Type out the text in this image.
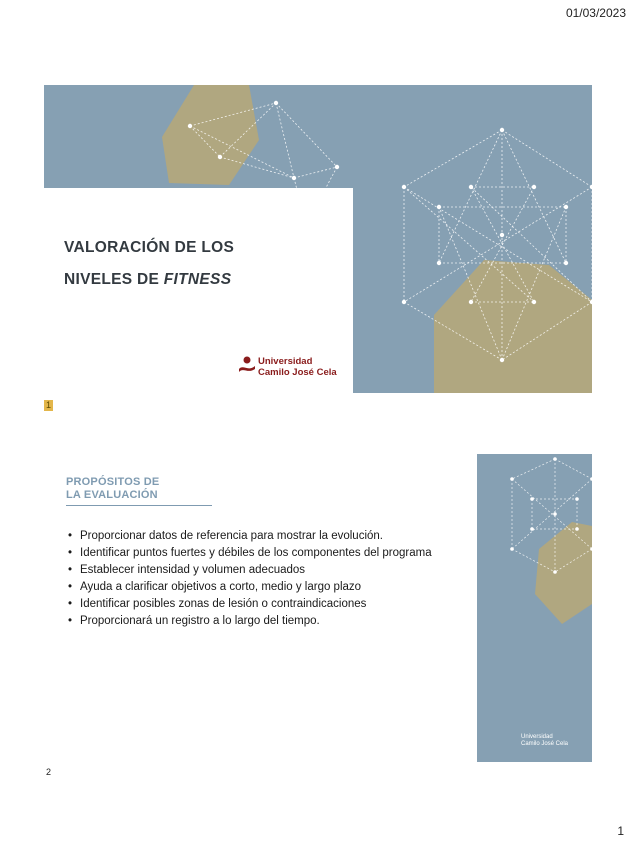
01/03/2023
VALORACIÓN DE LOS
NIVELES DE FITNESS
Universidad
Camilo José Cela
1
PROPÓSITOS DE
LA EVALUACIÓN
• Proporcionar datos de referencia para mostrar la evolución.
• Identificar puntos fuertes y débiles de los componentes del programa
• Establecer intensidad y volumen adecuados
• Ayuda a clarificar objetivos a corto, medio y largo plazo
• Identificar posibles zonas de lesión o contraindicaciones
• Proporcionará un registro a lo largo del tiempo.
Universidad
Camilo José Cela
2
1
